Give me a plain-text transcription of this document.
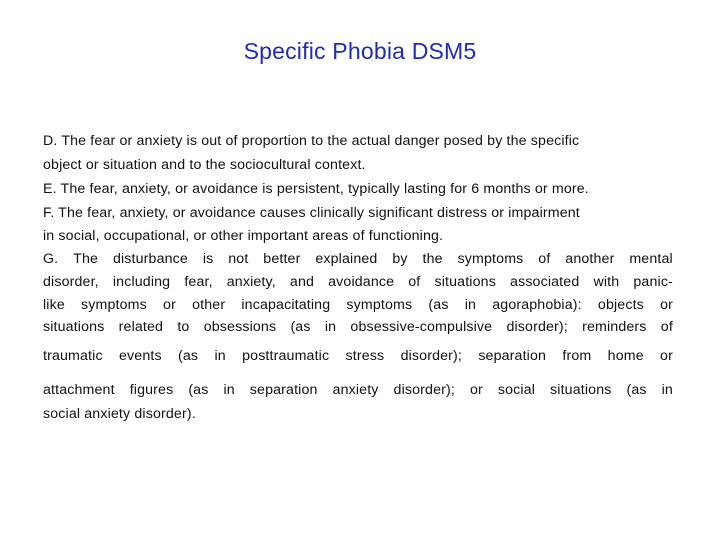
Specific Phobia DSM5
D. The fear or anxiety is out of proportion to the actual danger posed by the specific
object or situation and to the sociocultural context.
E. The fear, anxiety, or avoidance is persistent, typically lasting for 6 months or more.
F. The fear, anxiety, or avoidance causes clinically significant distress or impairment
in social, occupational, or other important areas of functioning.
G. The disturbance is not better explained by the symptoms of another mental
disorder, including fear, anxiety, and avoidance of situations associated with panic-
like symptoms or other incapacitating symptoms (as in agoraphobia): objects or
situations related to obsessions (as in obsessive-compulsive disorder); reminders of
traumatic events (as in posttraumatic stress disorder); separation from home or
attachment figures (as in separation anxiety disorder); or social situations (as in
social anxiety disorder).
